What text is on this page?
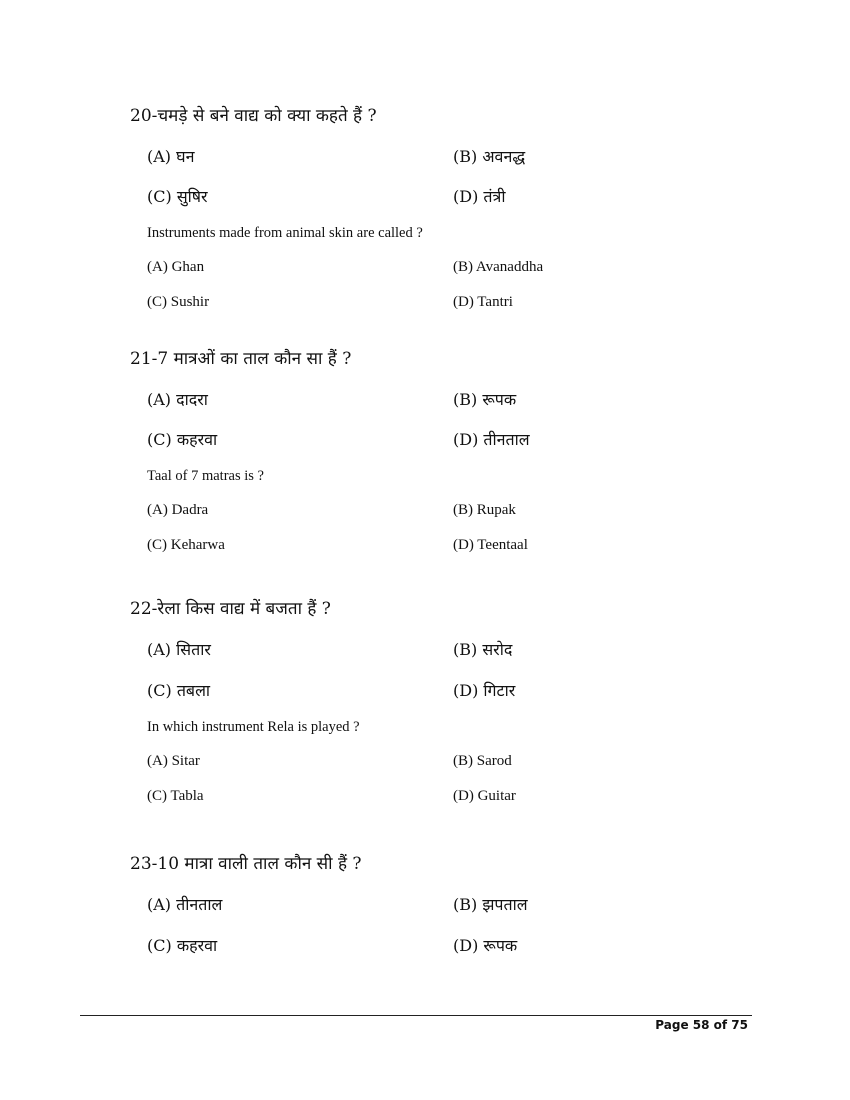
20-चमड़े से बने वाद्य को क्या कहते हैं ?
(A) घन	(B) अवनद्ध
(C) सुषिर	(D) तंत्री
Instruments made from animal skin are called ?
(A) Ghan	(B) Avanaddha
(C) Sushir	(D) Tantri
21-7 मात्रओं का ताल कौन सा हैं ?
(A) दादरा	(B) रूपक
(C) कहरवा	(D) तीनताल
Taal of 7 matras is ?
(A) Dadra	(B) Rupak
(C) Keharwa	(D) Teentaal
22-रेला किस वाद्य में बजता हैं ?
(A) सितार	(B) सरोद
(C) तबला	(D) गिटार
In which instrument Rela is played ?
(A) Sitar	(B) Sarod
(C) Tabla	(D) Guitar
23-10 मात्रा वाली ताल कौन सी हैं ?
(A) तीनताल	(B) झपताल
(C) कहरवा	(D) रूपक
Page 58 of 75
